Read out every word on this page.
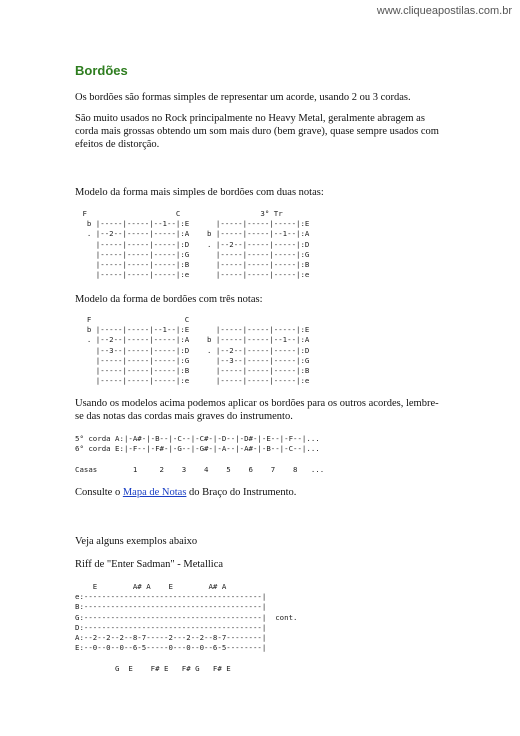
www.cliqueapostilas.com.br
Bordões

Os bordões são formas simples de representar um acorde, usando 2 ou 3 cordas.

São muito usados no Rock principalmente no Heavy Metal, geralmente abragem as corda mais grossas obtendo um som mais duro (bem grave), quase sempre usados com efeitos de distorção.

Modelo da forma mais simples de bordões com duas notas:

F                    C                  3° Tr
b |-----|-----|--1--|:E      |-----|-----|-----|:E
. |--2--|-----|-----|:A    b |-----|-----|--1--|:A
|-----|-----|-----|:D    . |--2--|-----|-----|:D
|-----|-----|-----|:G      |-----|-----|-----|:G
|-----|-----|-----|:B      |-----|-----|-----|:B
|-----|-----|-----|:e      |-----|-----|-----|:e

Modelo da forma de bordões com três notas:

F                     C
b |-----|-----|--1--|:E      |-----|-----|-----|:E
. |--2--|-----|-----|:A    b |-----|-----|--1--|:A
|--3--|-----|-----|:D    . |--2--|-----|-----|:D
|-----|-----|-----|:G      |--3--|-----|-----|:G
|-----|-----|-----|:B      |-----|-----|-----|:B
|-----|-----|-----|:e      |-----|-----|-----|:e

Usando os modelos acima podemos aplicar os bordões para os outros acordes, lembre-se das notas das cordas mais graves do instrumento.

5° corda A:|-A#-|-B--|-C--|-C#-|-D--|-D#-|-E--|-F--|...
6° corda E:|-F--|-F#-|-G--|-G#-|-A--|-A#-|-B--|-C--|...

Casas        1     2    3    4    5    6    7    8   ...

Consulte o Mapa de Notas do Braço do Instrumento.

Veja alguns exemplos abaixo

Riff de "Enter Sadman" - Metallica

E        A# A    E        A# A
e:----------------------------------------|
B:----------------------------------------|
G:----------------------------------------|  cont.
D:----------------------------------------|
A:--2--2--2--8-7-----2---2--2--8-7--------|
E:--0--0--0--6-5-----0---0--0--6-5--------|

G  E    F# E   F# G   F# E
